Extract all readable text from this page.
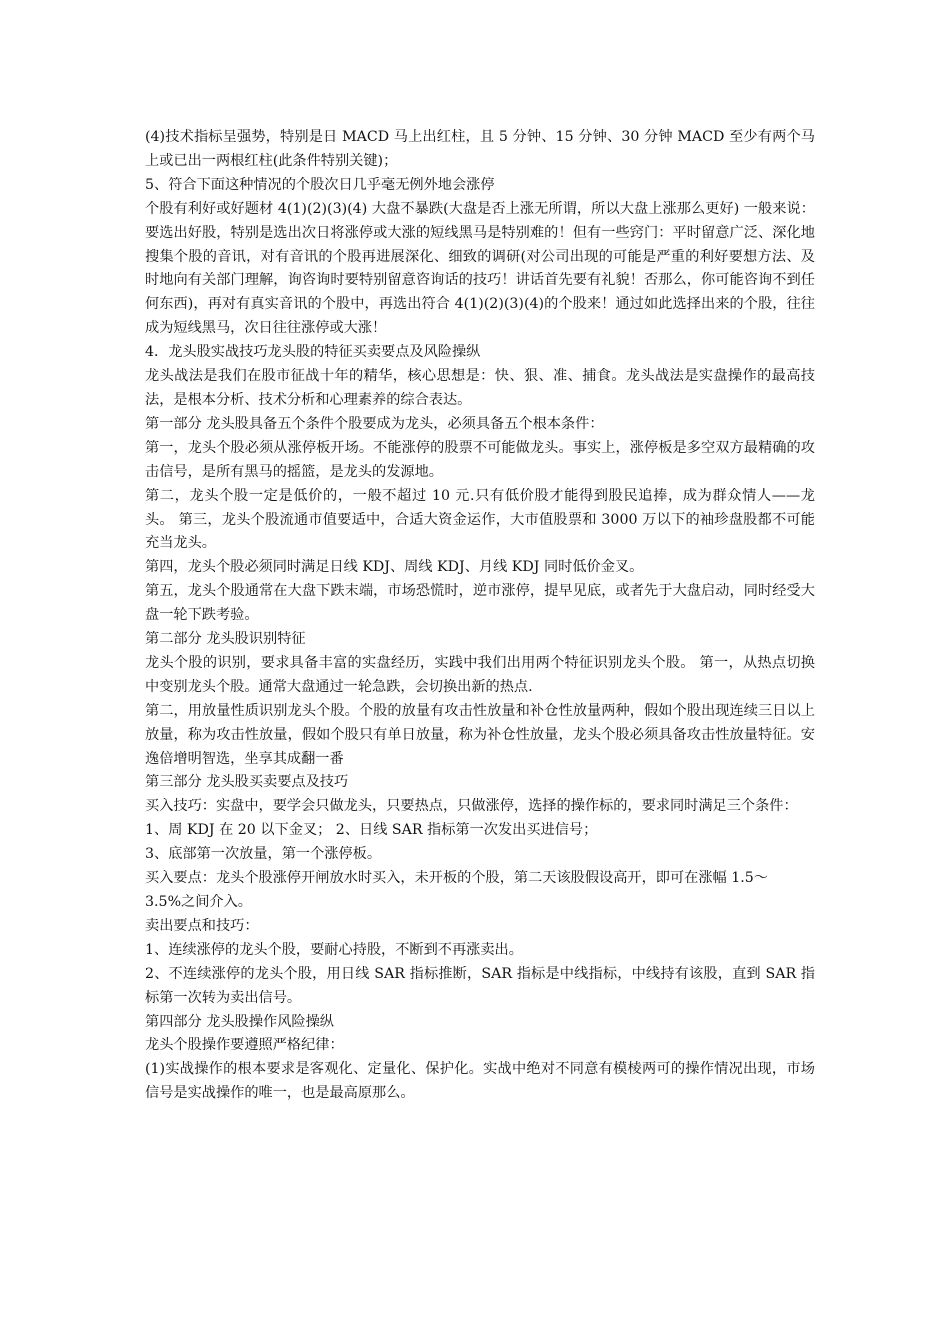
(4)技术指标呈强势，特别是日 MACD 马上出红柱，且 5 分钟、15 分钟、30 分钟 MACD 至少有两个马上或已出一两根红柱(此条件特别关键)；

5、符合下面这种情况的个股次日几乎毫无例外地会涨停

个股有利好或好题材 4(1)(2)(3)(4) 大盘不暴跌(大盘是否上涨无所谓，所以大盘上涨那么更好) 一般来说：要选出好股，特别是选出次日将涨停或大涨的短线黑马是特别难的！但有一些窍门：平时留意广泛、深化地搜集个股的音讯，对有音讯的个股再进展深化、细致的调研(对公司出现的可能是严重的利好要想方法、及时地向有关部门理解，询咨询时要特别留意咨询话的技巧！讲话首先要有礼貌！否那么，你可能咨询不到任何东西)，再对有真实音讯的个股中，再选出符合 4(1)(2)(3)(4)的个股来！通过如此选择出来的个股，往往成为短线黑马，次日往往涨停或大涨！

4．龙头股实战技巧龙头股的特征买卖要点及风险操纵

龙头战法是我们在股市征战十年的精华，核心思想是：快、狠、准、捕食。龙头战法是实盘操作的最高技法，是根本分析、技术分析和心理素养的综合表达。

第一部分 龙头股具备五个条件个股要成为龙头，必须具备五个根本条件：

第一，龙头个股必须从涨停板开场。不能涨停的股票不可能做龙头。事实上，涨停板是多空双方最精确的攻击信号，是所有黑马的摇篮，是龙头的发源地。

第二，龙头个股一定是低价的，一般不超过 10 元.只有低价股才能得到股民追捧，成为群众情人——龙头。 第三，龙头个股流通市值要适中，合适大资金运作，大市值股票和 3000 万以下的袖珍盘股都不可能充当龙头。

第四，龙头个股必须同时满足日线 KDJ、周线 KDJ、月线 KDJ 同时低价金叉。

第五，龙头个股通常在大盘下跌末端，市场恐慌时，逆市涨停，提早见底，或者先于大盘启动，同时经受大盘一轮下跌考验。

第二部分 龙头股识别特征

龙头个股的识别，要求具备丰富的实盘经历，实践中我们出用两个特征识别龙头个股。 第一，从热点切换中变别龙头个股。通常大盘通过一轮急跌，会切换出新的热点.

第二，用放量性质识别龙头个股。个股的放量有攻击性放量和补仓性放量两种，假如个股出现连续三日以上放量，称为攻击性放量，假如个股只有单日放量，称为补仓性放量，龙头个股必须具备攻击性放量特征。安逸倍增明智选，坐享其成翻一番

第三部分 龙头股买卖要点及技巧

买入技巧：实盘中，要学会只做龙头，只要热点，只做涨停，选择的操作标的，要求同时满足三个条件：

1、周 KDJ 在 20 以下金叉； 2、日线 SAR 指标第一次发出买进信号；

3、底部第一次放量，第一个涨停板。

买入要点：龙头个股涨停开闸放水时买入，未开板的个股，第二天该股假设高开，即可在涨幅 1.5～

3.5%之间介入。

卖出要点和技巧：

1、连续涨停的龙头个股，要耐心持股，不断到不再涨卖出。

2、不连续涨停的龙头个股，用日线 SAR 指标推断，SAR 指标是中线指标，中线持有该股，直到 SAR 指标第一次转为卖出信号。

第四部分 龙头股操作风险操纵

龙头个股操作要遵照严格纪律：

(1)实战操作的根本要求是客观化、定量化、保护化。实战中绝对不同意有模棱两可的操作情况出现，市场信号是实战操作的唯一，也是最高原那么。
